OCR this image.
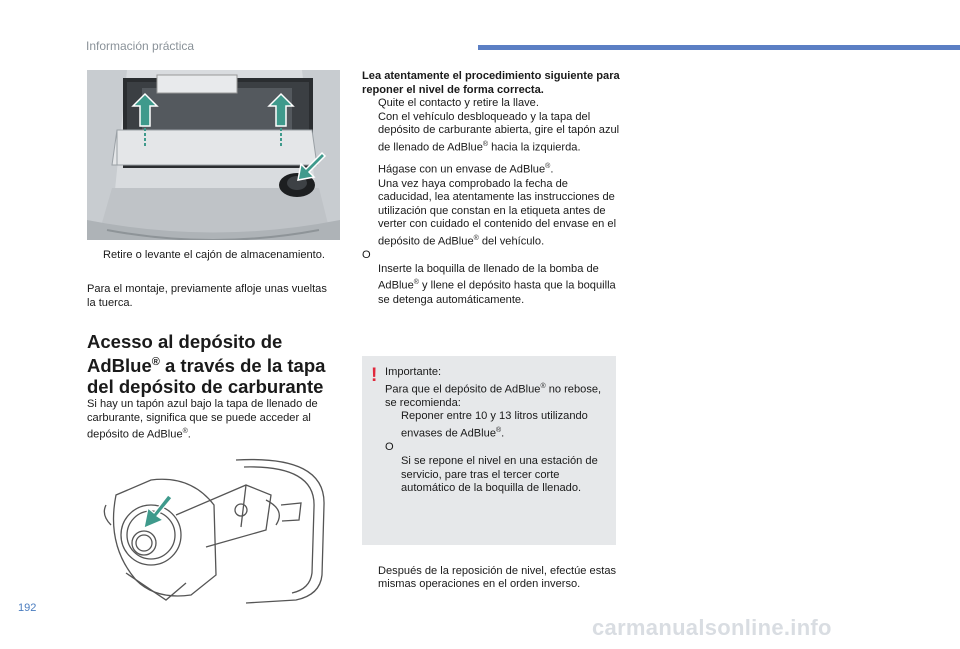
Información práctica
Retire o levante el cajón de almacenamiento.

Para el montaje, previamente afloje unas vueltas la tuerca.

Acesso al depósito de
AdBlue® a través de la tapa
del depósito de carburante

Si hay un tapón azul bajo la tapa de llenado de carburante, significa que se puede acceder al depósito de AdBlue®.

Lea atentamente el procedimiento siguiente para reponer el nivel de forma correcta.

Quite el contacto y retire la llave.
Con el vehículo desbloqueado y la tapa del depósito de carburante abierta, gire el tapón azul de llenado de AdBlue® hacia la izquierda.
Hágase con un envase de AdBlue®.
Una vez haya comprobado la fecha de caducidad, lea atentamente las instrucciones de utilización que constan en la etiqueta antes de verter con cuidado el contenido del envase en el depósito de AdBlue® del vehículo.

O

Inserte la boquilla de llenado de la bomba de AdBlue® y llene el depósito hasta que la boquilla se detenga automáticamente.
! Importante:

Para que el depósito de AdBlue® no rebose, se recomienda:

Reponer entre 10 y 13 litros utilizando envases de AdBlue®.

O

Si se repone el nivel en una estación de servicio, pare tras el tercer corte automático de la boquilla de llenado.
Después de la reposición de nivel, efectúe estas mismas operaciones en el orden inverso.
192
carmanualsonline.info
